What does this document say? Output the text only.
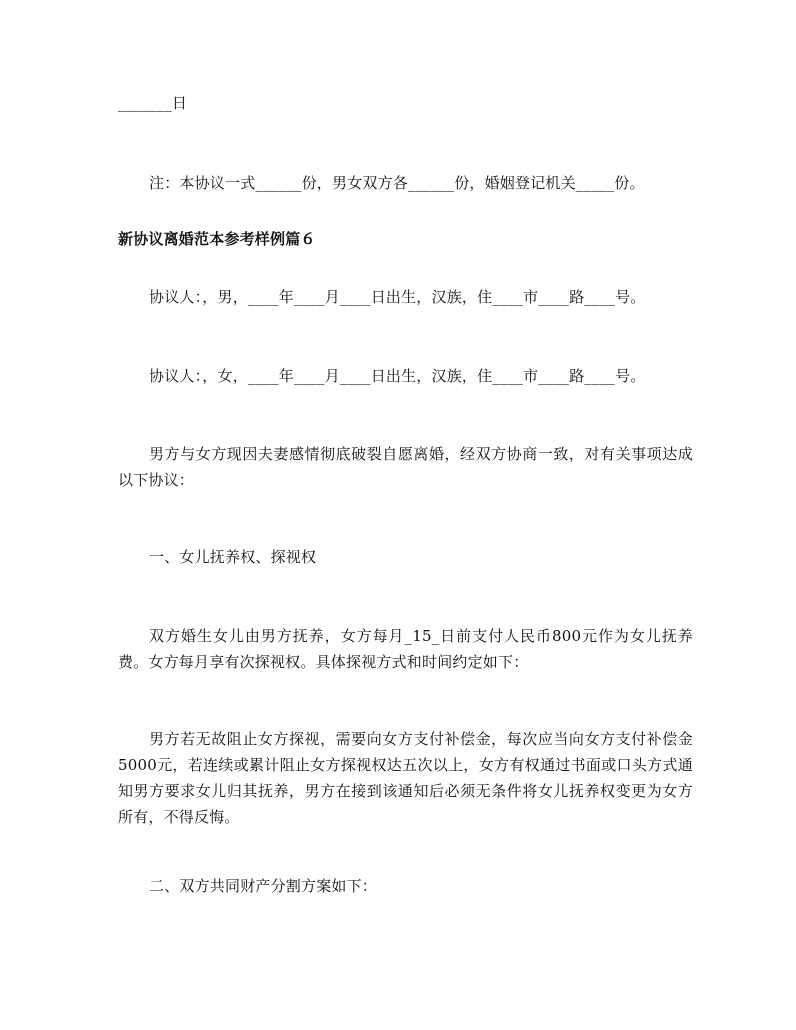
_______日
注：本协议一式______份，男女双方各______份，婚姻登记机关_____份。
新协议离婚范本参考样例篇６
协议人：，男，____年____月____日出生，汉族，住____市____路____号。
协议人：，女，____年____月____日出生，汉族，住____市____路____号。
男方与女方现因夫妻感情彻底破裂自愿离婚，经双方协商一致，对有关事项达成以下协议：
一、女儿抚养权、探视权
双方婚生女儿由男方抚养，女方每月_15_日前支付人民币800元作为女儿抚养费。女方每月享有次探视权。具体探视方式和时间约定如下：
男方若无故阻止女方探视，需要向女方支付补偿金，每次应当向女方支付补偿金5000元，若连续或累计阻止女方探视权达五次以上，女方有权通过书面或口头方式通知男方要求女儿归其抚养，男方在接到该通知后必须无条件将女儿抚养权变更为女方所有，不得反悔。
二、双方共同财产分割方案如下：
